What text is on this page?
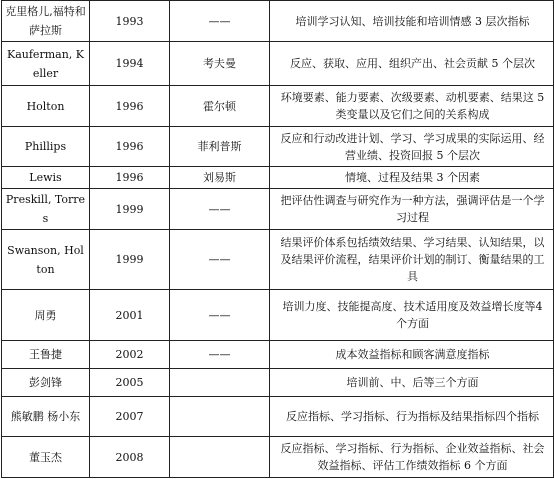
克里格儿,福特和萨拉斯	1993	——	培训学习认知、培训技能和培训情感 3 层次指标
Kauferman, Keller	1994	考夫曼	反应、获取、应用、组织产出、社会贡献 5 个层次
Holton	1996	霍尔顿	环境要素、能力要素、次级要素、动机要素、结果这 5 类变量以及它们之间的关系构成
Phillips	1996	菲利普斯	反应和行动改进计划、学习、学习成果的实际运用、经营业绩、投资回报 5 个层次
Lewis	1996	刘易斯	情境、过程及结果 3 个因素
Preskill, Torres	1999	——	把评估性调查与研究作为一种方法，强调评估是一个学习过程
Swanson, Holton	1999	——	结果评价体系包括绩效结果、学习结果、认知结果，以及结果评价流程，结果评价计划的制订、衡量结果的工具
周勇	2001	——	培训力度、技能提高度、技术适用度及效益增长度等4个方面
王鲁捷	2002	——	成本效益指标和顾客满意度指标
彭剑锋	2005		培训前、中、后等三个方面
熊敏鹏 杨小东	2007		反应指标、学习指标、行为指标及结果指标四个指标
董玉杰	2008		反应指标、学习指标、行为指标、企业效益指标、社会效益指标、评估工作绩效指标 6 个方面
